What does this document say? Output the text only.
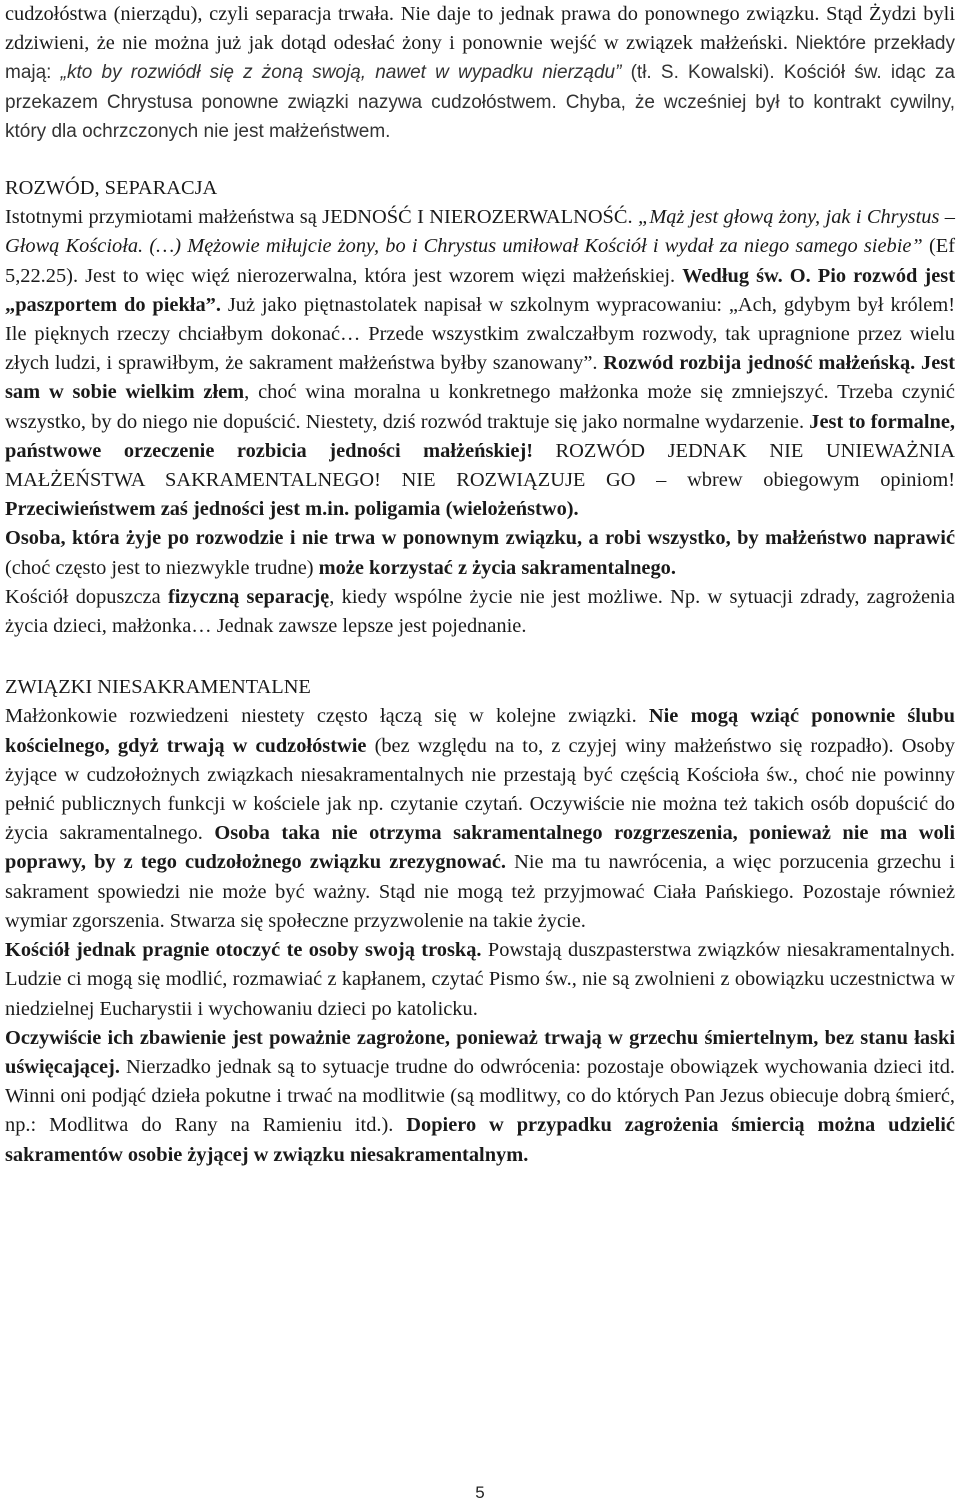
cudzołóstwa (nierządu), czyli separacja trwała. Nie daje to jednak prawa do ponownego związku. Stąd Żydzi byli zdziwieni, że nie można już jak dotąd odesłać żony i ponownie wejść w związek małżeński. Niektóre przekłady mają: „kto by rozwiódł się z żoną swoją, nawet w wypadku nierządu” (tł. S. Kowalski). Kościół św. idąc za przekazem Chrystusa ponowne związki nazywa cudzołóstwem. Chyba, że wcześniej był to kontrakt cywilny, który dla ochrzczonych nie jest małżeństwem.

ROZWÓD, SEPARACJA

Istotnymi przymiotami małżeństwa są JEDNOŚĆ I NIEROZERWALNOŚĆ. „Mąż jest głową żony, jak i Chrystus – Głową Kościoła. (…) Mężowie miłujcie żony, bo i Chrystus umiłował Kościół i wydał za niego samego siebie” (Ef 5,22.25). Jest to więc więź nierozerwalna, która jest wzorem więzi małżeńskiej. Według św. O. Pio rozwód jest „paszportem do piekła”. Już jako piętnastolatek napisał w szkolnym wypracowaniu: „Ach, gdybym był królem! Ile pięknych rzeczy chciałbym dokonać… Przede wszystkim zwalczałbym rozwody, tak upragnione przez wielu złych ludzi, i sprawiłbym, że sakrament małżeństwa byłby szanowany”. Rozwód rozbija jedność małżeńską. Jest sam w sobie wielkim złem, choć wina moralna u konkretnego małżonka może się zmniejszyć. Trzeba czynić wszystko, by do niego nie dopuścić. Niestety, dziś rozwód traktuje się jako normalne wydarzenie. Jest to formalne, państwowe orzeczenie rozbicia jedności małżeńskiej! ROZWÓD JEDNAK NIE UNIEWAŻNIA MAŁŻEŃSTWA SAKRAMENTALNEGO! NIE ROZWIĄZUJE GO – wbrew obiegowym opiniom! Przeciwieństwem zaś jedności jest m.in. poligamia (wielożeństwo).

Osoba, która żyje po rozwodzie i nie trwa w ponownym związku, a robi wszystko, by małżeństwo naprawić (choć często jest to niezwykle trudne) może korzystać z życia sakramentalnego.

Kościół dopuszcza fizyczną separację, kiedy wspólne życie nie jest możliwe. Np. w sytuacji zdrady, zagrożenia życia dzieci, małżonka… Jednak zawsze lepsze jest pojednanie.

ZWIĄZKI NIESAKRAMENTALNE

Małżonkowie rozwiedzeni niestety często łączą się w kolejne związki. Nie mogą wziąć ponownie ślubu kościelnego, gdyż trwają w cudzołóstwie (bez względu na to, z czyjej winy małżeństwo się rozpadło). Osoby żyjące w cudzołożnych związkach niesakramentalnych nie przestają być częścią Kościoła św., choć nie powinny pełnić publicznych funkcji w kościele jak np. czytanie czytań. Oczywiście nie można też takich osób dopuścić do życia sakramentalnego. Osoba taka nie otrzyma sakramentalnego rozgrzeszenia, ponieważ nie ma woli poprawy, by z tego cudzołożnego związku zrezygnować. Nie ma tu nawrócenia, a więc porzucenia grzechu i sakrament spowiedzi nie może być ważny. Stąd nie mogą też przyjmować Ciała Pańskiego. Pozostaje również wymiar zgorszenia. Stwarza się społeczne przyzwolenie na takie życie.

Kościół jednak pragnie otoczyć te osoby swoją troską. Powstają duszpasterstwa związków niesakramentalnych. Ludzie ci mogą się modlić, rozmawiać z kapłanem, czytać Pismo św., nie są zwolnieni z obowiązku uczestnictwa w niedzielnej Eucharystii i wychowaniu dzieci po katolicku.

Oczywiście ich zbawienie jest poważnie zagrożone, ponieważ trwają w grzechu śmiertelnym, bez stanu łaski uświęcającej. Nierzadko jednak są to sytuacje trudne do odwrócenia: pozostaje obowiązek wychowania dzieci itd. Winni oni podjąć dzieła pokutne i trwać na modlitwie (są modlitwy, co do których Pan Jezus obiecuje dobrą śmierć, np.: Modlitwa do Rany na Ramieniu itd.). Dopiero w przypadku zagrożenia śmiercią można udzielić sakramentów osobie żyjącej w związku niesakramentalnym.

5
